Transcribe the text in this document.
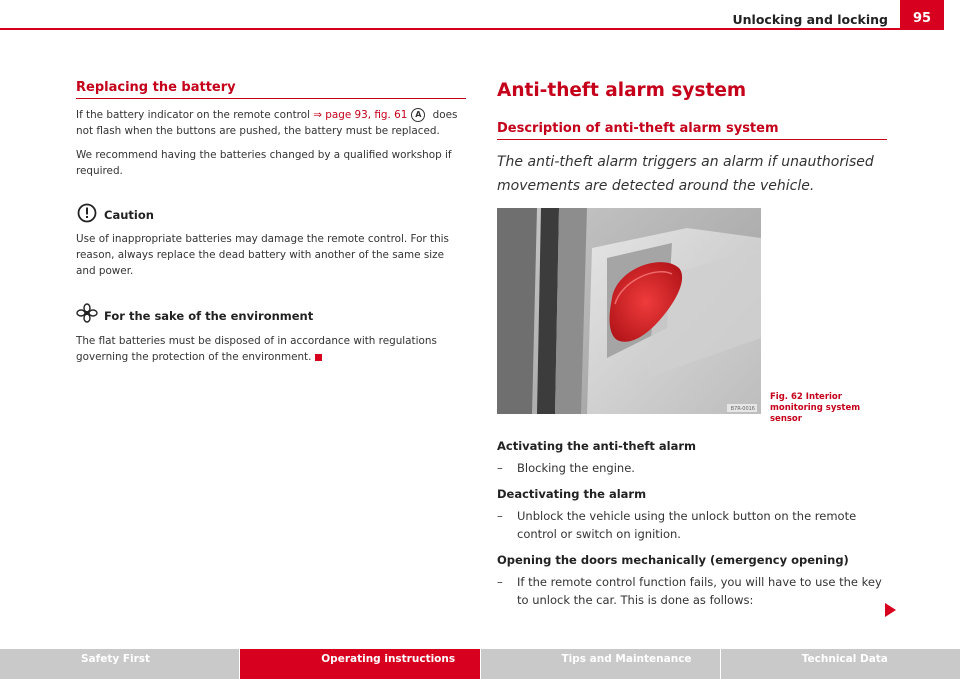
Unlocking and locking	95
Replacing the battery

If the battery indicator on the remote control ⇒ page 93, fig. 61 A does not flash when the buttons are pushed, the battery must be replaced.

We recommend having the batteries changed by a qualified workshop if required.

Caution

Use of inappropriate batteries may damage the remote control. For this reason, always replace the dead battery with another of the same size and power.

For the sake of the environment

The flat batteries must be disposed of in accordance with regulations governing the protection of the environment.

Anti-theft alarm system
Description of anti-theft alarm system

The anti-theft alarm triggers an alarm if unauthorised movements are detected around the vehicle.

B7R-0016
Fig. 62 Interior monitoring system sensor

Activating the anti-theft alarm

–	Blocking the engine.

Deactivating the alarm

–	Unblock the vehicle using the unlock button on the remote control or switch on ignition.

Opening the doors mechanically (emergency opening)

–	If the remote control function fails, you will have to use the key to unlock the car. This is done as follows:
Safety First	Operating instructions	Tips and Maintenance	Technical Data
